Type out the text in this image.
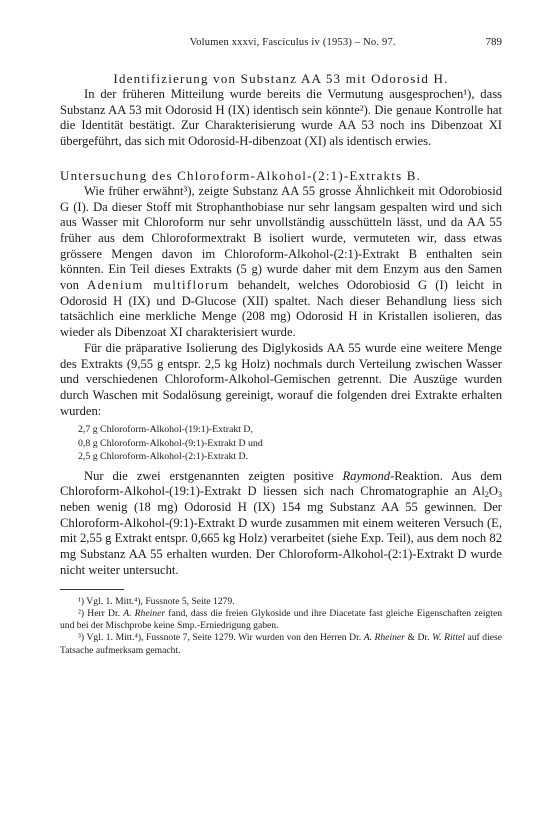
Volumen xxxvi, Fasciculus iv (1953) – No. 97.	789
Identifizierung von Substanz AA 53 mit Odorosid H.

In der früheren Mitteilung wurde bereits die Vermutung ausgesprochen¹), dass Substanz AA 53 mit Odorosid H (IX) identisch sein könnte²). Die genaue Kontrolle hat die Identität bestätigt. Zur Charakterisierung wurde AA 53 noch ins Dibenzoat XI übergeführt, das sich mit Odorosid-H-dibenzoat (XI) als identisch erwies.

Untersuchung des Chloroform-Alkohol-(2:1)-Extrakts B.

Wie früher erwähnt³), zeigte Substanz AA 55 grosse Ähnlichkeit mit Odorobiosid G (I). Da dieser Stoff mit Strophanthobiase nur sehr langsam gespalten wird und sich aus Wasser mit Chloroform nur sehr unvollständig ausschütteln lässt, und da AA 55 früher aus dem Chloroformextrakt B isoliert wurde, vermuteten wir, dass etwas grössere Mengen davon im Chloroform-Alkohol-(2:1)-Extrakt B enthalten sein könnten. Ein Teil dieses Extrakts (5 g) wurde daher mit dem Enzym aus den Samen von Adenium multiflorum behandelt, welches Odorobiosid G (I) leicht in Odorosid H (IX) und D-Glucose (XII) spaltet. Nach dieser Behandlung liess sich tatsächlich eine merkliche Menge (208 mg) Odorosid H in Kristallen isolieren, das wieder als Dibenzoat XI charakterisiert wurde.

Für die präparative Isolierung des Diglykosids AA 55 wurde eine weitere Menge des Extrakts (9,55 g entspr. 2,5 kg Holz) nochmals durch Verteilung zwischen Wasser und verschiedenen Chloroform-Alkohol-Gemischen getrennt. Die Auszüge wurden durch Waschen mit Sodalösung gereinigt, worauf die folgenden drei Extrakte erhalten wurden:

2,7 g Chloroform-Alkohol-(19:1)-Extrakt D,
0,8 g Chloroform-Alkohol-(9:1)-Extrakt D und
2,5 g Chloroform-Alkohol-(2:1)-Extrakt D.

Nur die zwei erstgenannten zeigten positive Raymond-Reaktion. Aus dem Chloroform-Alkohol-(19:1)-Extrakt D liessen sich nach Chromatographie an $Al_2O_3$ neben wenig (18 mg) Odorosid H (IX) 154 mg Substanz AA 55 gewinnen. Der Chloroform-Alkohol-(9:1)-Extrakt D wurde zusammen mit einem weiteren Versuch (E, mit 2,55 g Extrakt entspr. 0,665 kg Holz) verarbeitet (siehe Exp. Teil), aus dem noch 82 mg Substanz AA 55 erhalten wurden. Der Chloroform-Alkohol-(2:1)-Extrakt D wurde nicht weiter untersucht.

¹) Vgl. 1. Mitt.⁴), Fussnote 5, Seite 1279.
²) Herr Dr. A. Rheiner fand, dass die freien Glykoside und ihre Diacetate fast gleiche Eigenschaften zeigten und bei der Mischprobe keine Smp.-Erniedrigung gaben.
³) Vgl. 1. Mitt.⁴), Fussnote 7, Seite 1279. Wir wurden von den Herren Dr. A. Rheiner & Dr. W. Rittel auf diese Tatsache aufmerksam gemacht.
